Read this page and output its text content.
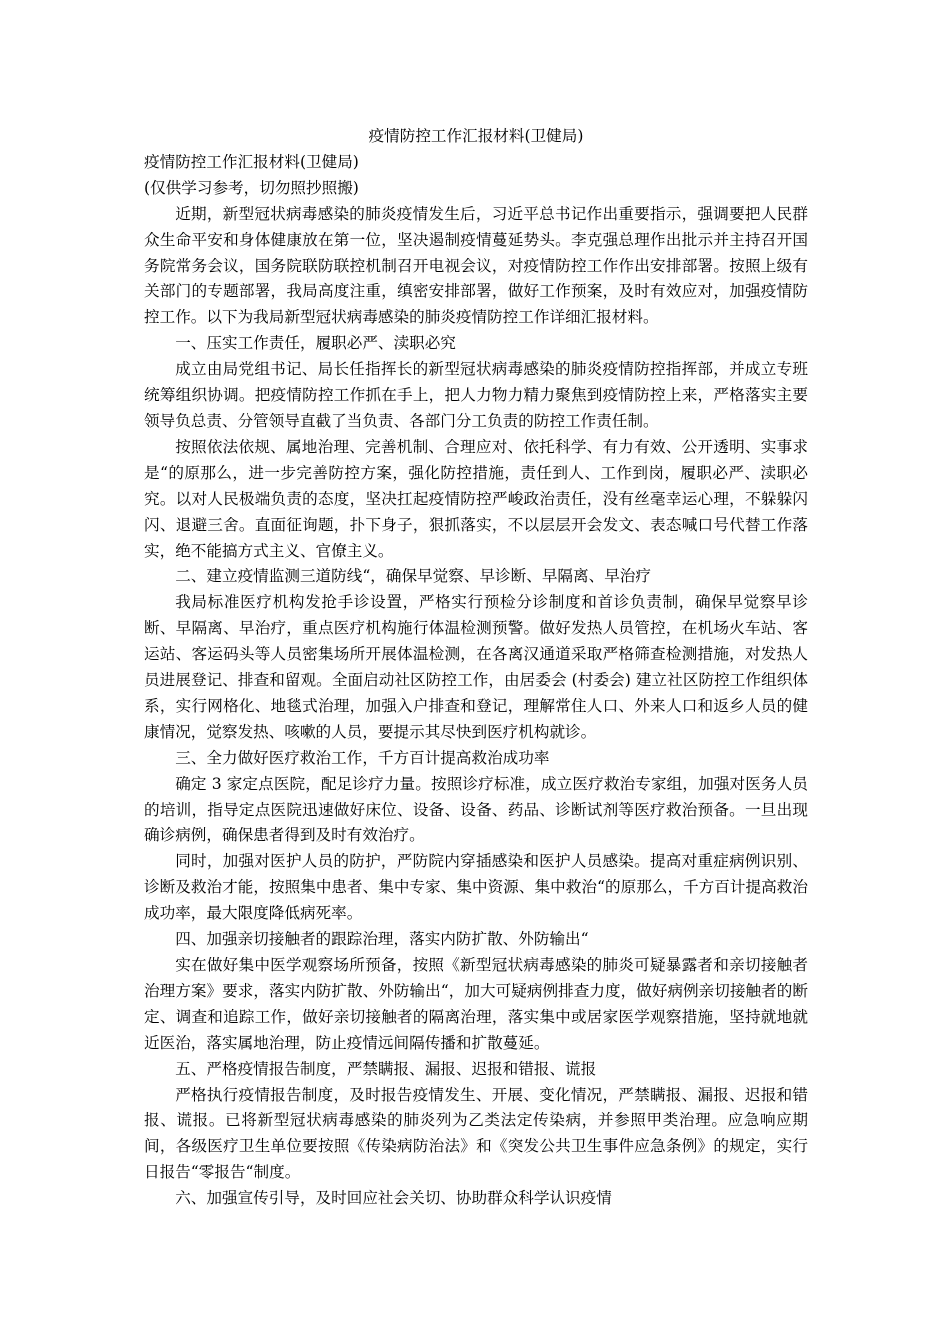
疫情防控工作汇报材料(卫健局)

疫情防控工作汇报材料(卫健局)

(仅供学习参考，切勿照抄照搬)

近期，新型冠状病毒感染的肺炎疫情发生后，习近平总书记作出重要指示，强调要把人民群众生命平安和身体健康放在第一位，坚决遏制疫情蔓延势头。李克强总理作出批示并主持召开国务院常务会议，国务院联防联控机制召开电视会议，对疫情防控工作作出安排部署。按照上级有关部门的专题部署，我局高度注重，缜密安排部署，做好工作预案，及时有效应对，加强疫情防控工作。以下为我局新型冠状病毒感染的肺炎疫情防控工作详细汇报材料。

一、压实工作责任，履职必严、渎职必究

成立由局党组书记、局长任指挥长的新型冠状病毒感染的肺炎疫情防控指挥部，并成立专班统筹组织协调。把疫情防控工作抓在手上，把人力物力精力聚焦到疫情防控上来，严格落实主要领导负总责、分管领导直截了当负责、各部门分工负责的防控工作责任制。

按照依法依规、属地治理、完善机制、合理应对、依托科学、有力有效、公开透明、实事求是“的原那么，进一步完善防控方案，强化防控措施，责任到人、工作到岗，履职必严、渎职必究。以对人民极端负责的态度，坚决扛起疫情防控严峻政治责任，没有丝毫幸运心理，不躲躲闪闪、退避三舍。直面征询题，扑下身子，狠抓落实，不以层层开会发文、表态喊口号代替工作落实，绝不能搞方式主义、官僚主义。

二、建立疫情监测三道防线“，确保早觉察、早诊断、早隔离、早治疗

我局标准医疗机构发抢手诊设置，严格实行预检分诊制度和首诊负责制，确保早觉察早诊断、早隔离、早治疗，重点医疗机构施行体温检测预警。做好发热人员管控，在机场火车站、客运站、客运码头等人员密集场所开展体温检测，在各离汉通道采取严格筛查检测措施，对发热人员进展登记、排查和留观。全面启动社区防控工作，由居委会 (村委会) 建立社区防控工作组织体系，实行网格化、地毯式治理，加强入户排查和登记，理解常住人口、外来人口和返乡人员的健康情况，觉察发热、咳嗽的人员，要提示其尽快到医疗机构就诊。

三、全力做好医疗救治工作，千方百计提高救治成功率

确定 3 家定点医院，配足诊疗力量。按照诊疗标准，成立医疗救治专家组，加强对医务人员的培训，指导定点医院迅速做好床位、设备、设备、药品、诊断试剂等医疗救治预备。一旦出现确诊病例，确保患者得到及时有效治疗。

同时，加强对医护人员的防护，严防院内穿插感染和医护人员感染。提高对重症病例识别、诊断及救治才能，按照集中患者、集中专家、集中资源、集中救治“的原那么，千方百计提高救治成功率，最大限度降低病死率。

四、加强亲切接触者的跟踪治理，落实内防扩散、外防输出“

实在做好集中医学观察场所预备，按照《新型冠状病毒感染的肺炎可疑暴露者和亲切接触者治理方案》要求，落实内防扩散、外防输出“，加大可疑病例排查力度，做好病例亲切接触者的断定、调查和追踪工作，做好亲切接触者的隔离治理，落实集中或居家医学观察措施，坚持就地就近医治，落实属地治理，防止疫情远间隔传播和扩散蔓延。

五、严格疫情报告制度，严禁瞒报、漏报、迟报和错报、谎报

严格执行疫情报告制度，及时报告疫情发生、开展、变化情况，严禁瞒报、漏报、迟报和错报、谎报。已将新型冠状病毒感染的肺炎列为乙类法定传染病，并参照甲类治理。应急响应期间，各级医疗卫生单位要按照《传染病防治法》和《突发公共卫生事件应急条例》的规定，实行日报告“零报告“制度。

六、加强宣传引导，及时回应社会关切、协助群众科学认识疫情
